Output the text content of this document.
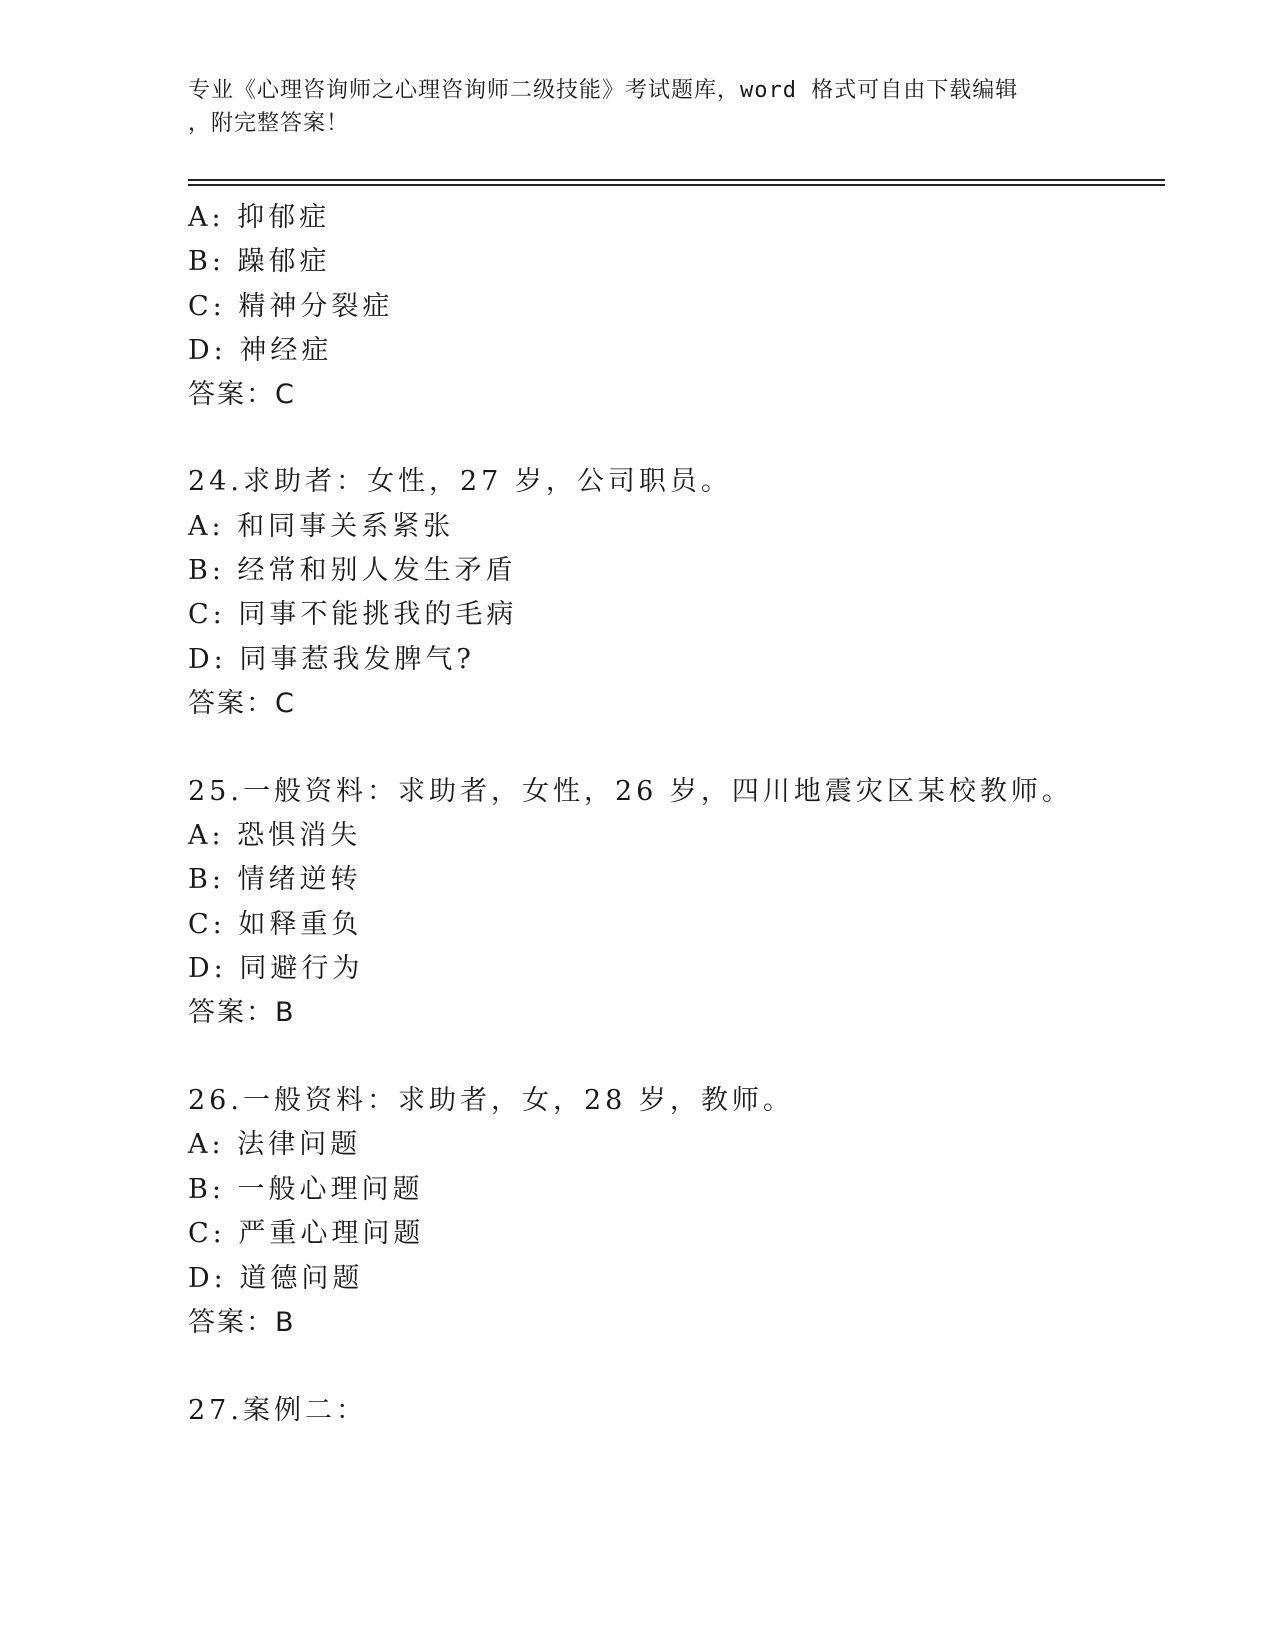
专业《心理咨询师之心理咨询师二级技能》考试题库，word 格式可自由下载编辑
，附完整答案！
A: 抑郁症
B: 躁郁症
C: 精神分裂症
D: 神经症
答案：C
24.求助者：女性，27 岁，公司职员。
A: 和同事关系紧张
B: 经常和别人发生矛盾
C: 同事不能挑我的毛病
D: 同事惹我发脾气?
答案：C
25.一般资料：求助者，女性，26 岁，四川地震灾区某校教师。
A: 恐惧消失
B: 情绪逆转
C: 如释重负
D: 同避行为
答案：B
26.一般资料：求助者，女，28 岁，教师。
A: 法律问题
B: 一般心理问题
C: 严重心理问题
D: 道德问题
答案：B
27.案例二：
